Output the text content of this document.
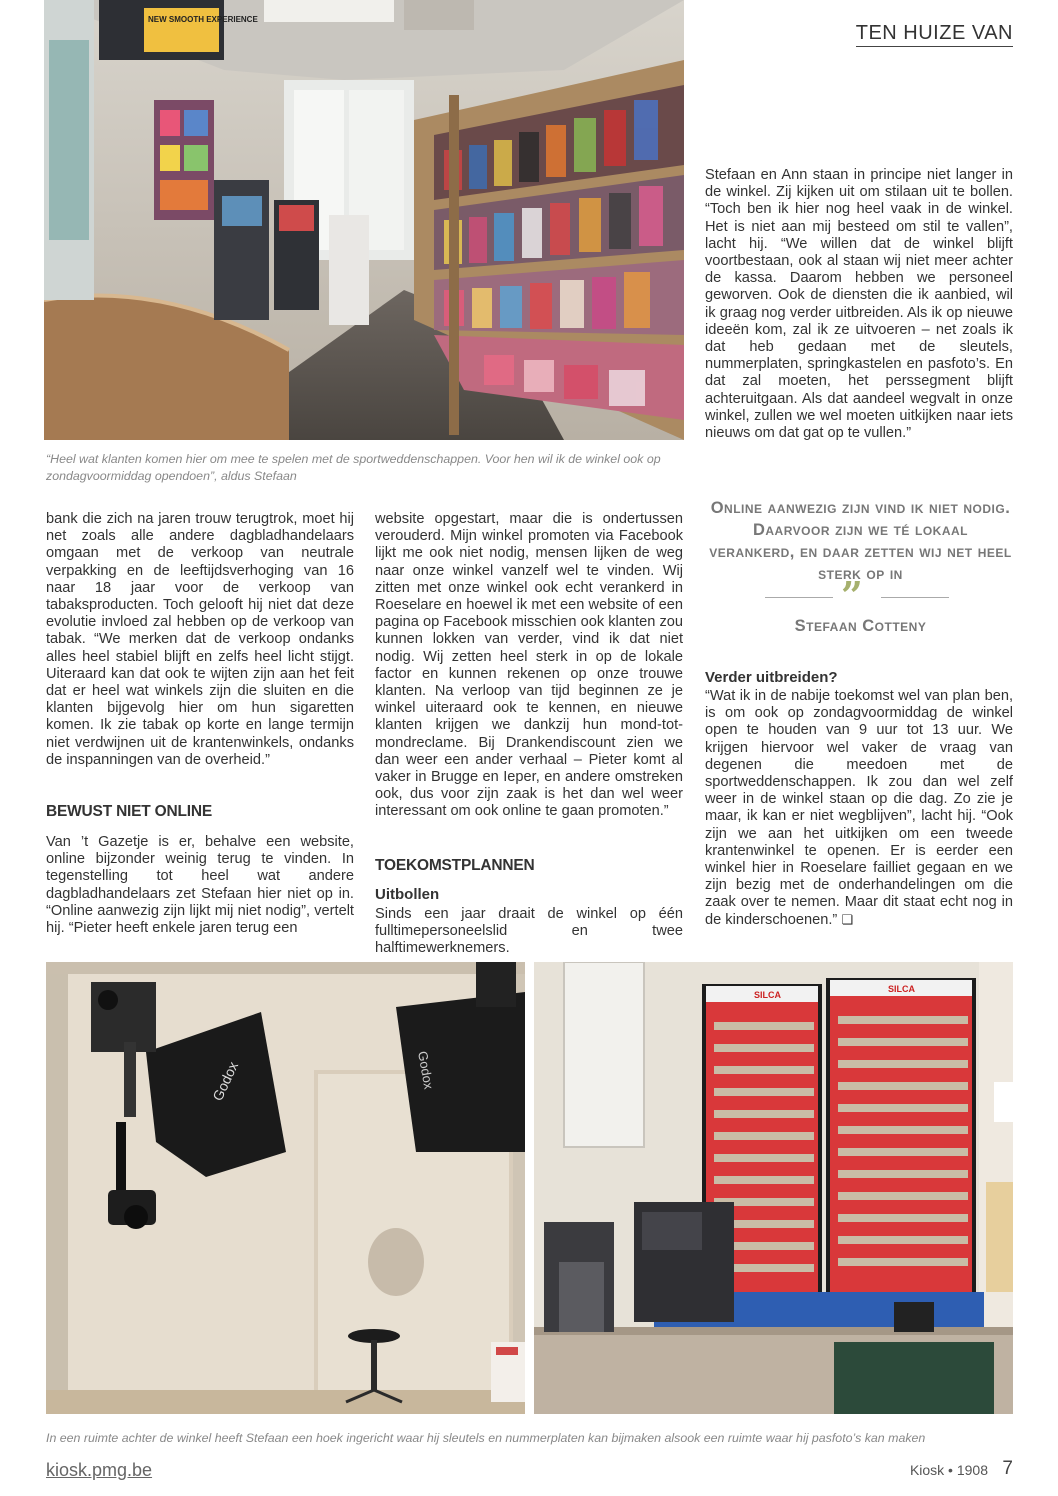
TEN HUIZE VAN
NEW SMOOTH EXPERIENCE
“Heel wat klanten komen hier om mee te spelen met de sportweddenschappen. Voor hen wil ik de winkel ook op zondagvoormiddag opendoen”, aldus Stefaan
Stefaan en Ann staan in principe niet langer in de winkel. Zij kijken uit om stilaan uit te bollen. “Toch ben ik hier nog heel vaak in de winkel. Het is niet aan mij besteed om stil te vallen”, lacht hij. “We willen dat de winkel blijft voortbestaan, ook al staan wij niet meer achter de kassa. Daarom hebben we personeel geworven. Ook de diensten die ik aanbied, wil ik graag nog verder uitbreiden. Als ik op nieuwe ideeën kom, zal ik ze uitvoeren – net zoals ik dat heb gedaan met de sleutels, nummerplaten, springkastelen en pasfoto’s. En dat zal moeten, het perssegment blijft achteruitgaan. Als dat aandeel wegvalt in onze winkel, zullen we wel moeten uitkijken naar iets nieuws om dat gat op te vullen.”
bank die zich na jaren trouw terugtrok, moet hij net zoals alle andere dagbladhandelaars omgaan met de verkoop van neutrale verpakking en de leeftijdsverhoging van 16 naar 18 jaar voor de verkoop van tabaksproducten. Toch gelooft hij niet dat deze evolutie invloed zal hebben op de verkoop van tabak. “We merken dat de verkoop ondanks alles heel stabiel blijft en zelfs heel licht stijgt. Uiteraard kan dat ook te wijten zijn aan het feit dat er heel wat winkels zijn die sluiten en die klanten bijgevolg hier om hun sigaretten komen. Ik zie tabak op korte en lange termijn niet verdwijnen uit de krantenwinkels, ondanks de inspanningen van de overheid.”
BEWUST NIET ONLINE
Van ’t Gazetje is er, behalve een website, online bijzonder weinig terug te vinden. In tegenstelling tot heel wat andere dagbladhandelaars zet Stefaan hier niet op in. “Online aanwezig zijn lijkt mij niet nodig”, vertelt hij. “Pieter heeft enkele jaren terug een
website opgestart, maar die is ondertussen verouderd. Mijn winkel promoten via Facebook lijkt me ook niet nodig, mensen lijken de weg naar onze winkel vanzelf wel te vinden. Wij zitten met onze winkel ook echt verankerd in Roeselare en hoewel ik met een website of een pagina op Facebook misschien ook klanten zou kunnen lokken van verder, vind ik dat niet nodig. Wij zetten heel sterk in op de lokale factor en kunnen rekenen op onze trouwe klanten. Na verloop van tijd beginnen ze je winkel uiteraard ook te kennen, en nieuwe klanten krijgen we dankzij hun mond-tot-mondreclame. Bij Drankendiscount zien we dan weer een ander verhaal – Pieter komt al vaker in Brugge en Ieper, en andere omstreken ook, dus voor zijn zaak is het dan wel weer interessant om ook online te gaan promoten.”
TOEKOMSTPLANNEN
Uitbollen
Sinds een jaar draait de winkel op één fulltimepersoneelslid en twee halftimewerknemers.
Online aanwezig zijn vind ik niet nodig. Daarvoor zijn we té lokaal verankerd, en daar zetten wij net heel sterk op in
”
Stefaan Cotteny
Verder uitbreiden?
“Wat ik in de nabije toekomst wel van plan ben, is om ook op zondagvoormiddag de winkel open te houden van 9 uur tot 13 uur. We krijgen hiervoor wel vaker de vraag van degenen die meedoen met de sportweddenschappen. Ik zou dan wel zelf weer in de winkel staan op die dag. Zo zie je maar, ik kan er niet wegblijven”, lacht hij. “Ook zijn we aan het uitkijken om een tweede krantenwinkel te openen. Er is eerder een winkel hier in Roeselare failliet gegaan en we zijn bezig met de onderhandelingen om die zaak over te nemen. Maar dit staat echt nog in de kinderschoenen.” ❏
Godox	Godox
SILCA
SILCA
In een ruimte achter de winkel heeft Stefaan een hoek ingericht waar hij sleutels en nummerplaten kan bijmaken alsook een ruimte waar hij pasfoto’s kan maken
kiosk.pmg.be	Kiosk • 1908 7
